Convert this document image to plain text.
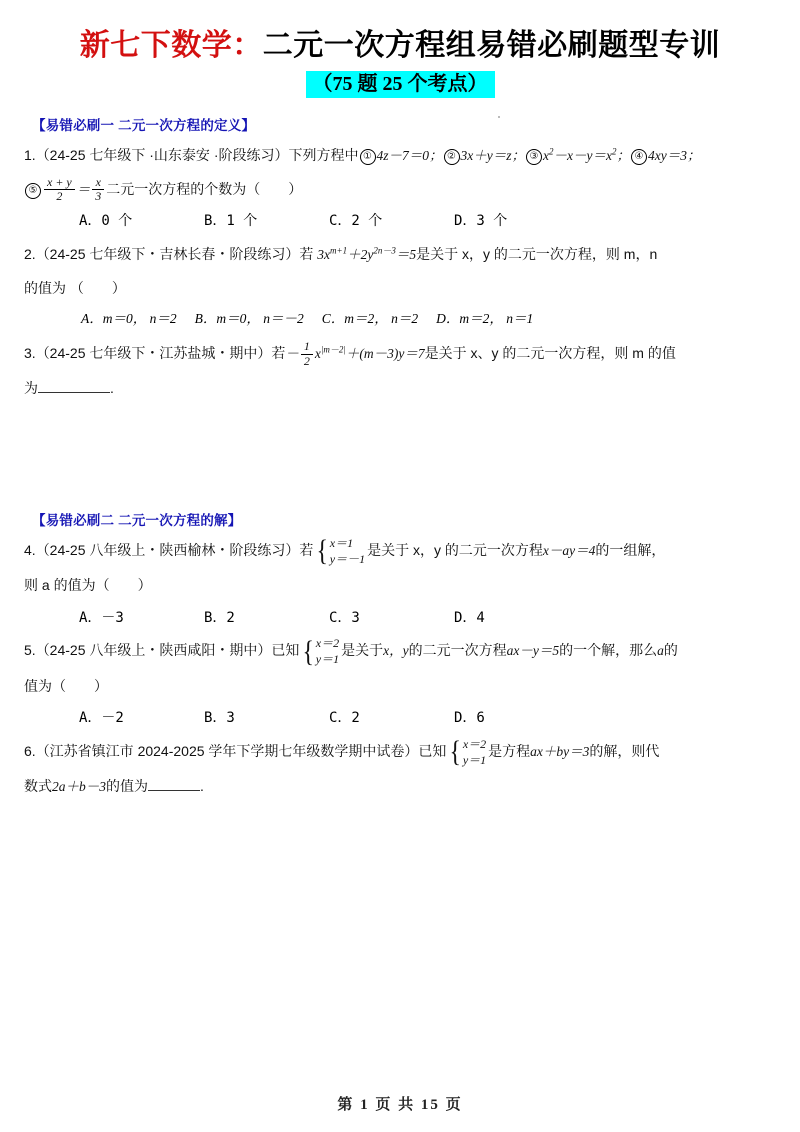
新七下数学：二元一次方程组易错必刷题型专训
（75 题 25 个考点）
【易错必刷一 二元一次方程的定义】
1.（24-25 七年级下 ·山东泰安 ·阶段练习）下列方程中 ① 4z－7＝0； ② 3x＋y＝z； ③ $x^2-x-y=x^2$； ④ 4xy＝3；
⑤ $\frac{x + y}{2} = \frac{x}{3}$ 二元一次方程的个数为（　　）
A．0 个	B．1 个	C．2 个	D．3 个
2.（24-25 七年级下・吉林长春・阶段练习）若 $3x^{m+1}+2y^{2n-3}=5$是关于 x，y 的二元一次方程，则 m，n
的值为 （　　）
A．m＝0， n＝2 B．m＝0， n＝－2 C．m＝2， n＝2 D．m＝2， n＝1
3.（24-25 七年级下・江苏盐城・期中）若－ $\frac{1}{2} x^{|m-2|}+(m-3)y=7$是关于 x、y 的二元一次方程，则 m 的值
为	.
【易错必刷二 二元一次方程的解】
4.（24-25 八年级上・陕西榆林・阶段练习）若 { x＝1
y＝－1
是关于 x，y 的二元一次方程x－ay＝4的一组解，
则 a 的值为（　　）
A．－3	B．2	C．3	D．4
5.（24-25 八年级上・陕西咸阳・期中）已知 { x＝2
y＝1
是关于x，y的二元一次方程ax－y＝5的一个解，那么a的
值为（　　）
A．－2	B．3	C．2	D．6
6.（江苏省镇江市 2024-2025 学年下学期七年级数学期中试卷）已知 { x＝2
y＝1
是方程ax＋by＝3的解，则代
数式2a＋b－3的值为	.
第 1 页 共 15 页
